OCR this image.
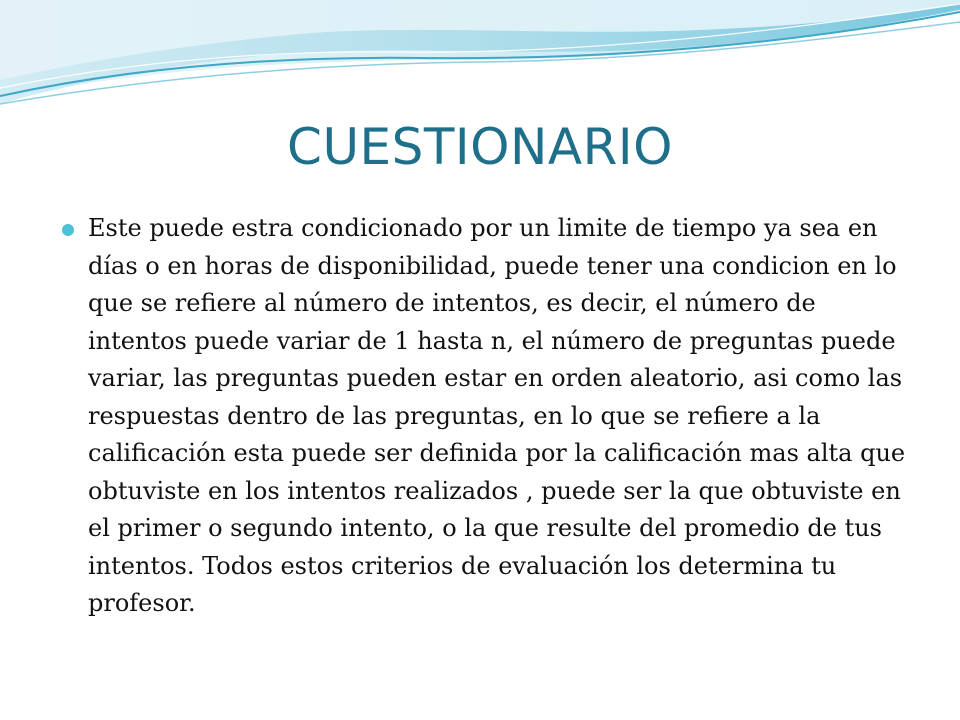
CUESTIONARIO
Este puede estra condicionado por un limite de tiempo ya sea en días o en horas de disponibilidad, puede tener una condicion en lo que se refiere al número de intentos, es decir, el número de intentos puede variar de 1 hasta n, el número de preguntas puede variar, las preguntas pueden estar en orden aleatorio, asi como las respuestas dentro de las preguntas, en lo que se refiere a la calificación esta puede ser definida por la calificación mas alta que obtuviste en los intentos realizados , puede ser la que obtuviste en el primer o segundo intento, o la que resulte del promedio de tus intentos. Todos estos criterios de evaluación los determina tu profesor.
